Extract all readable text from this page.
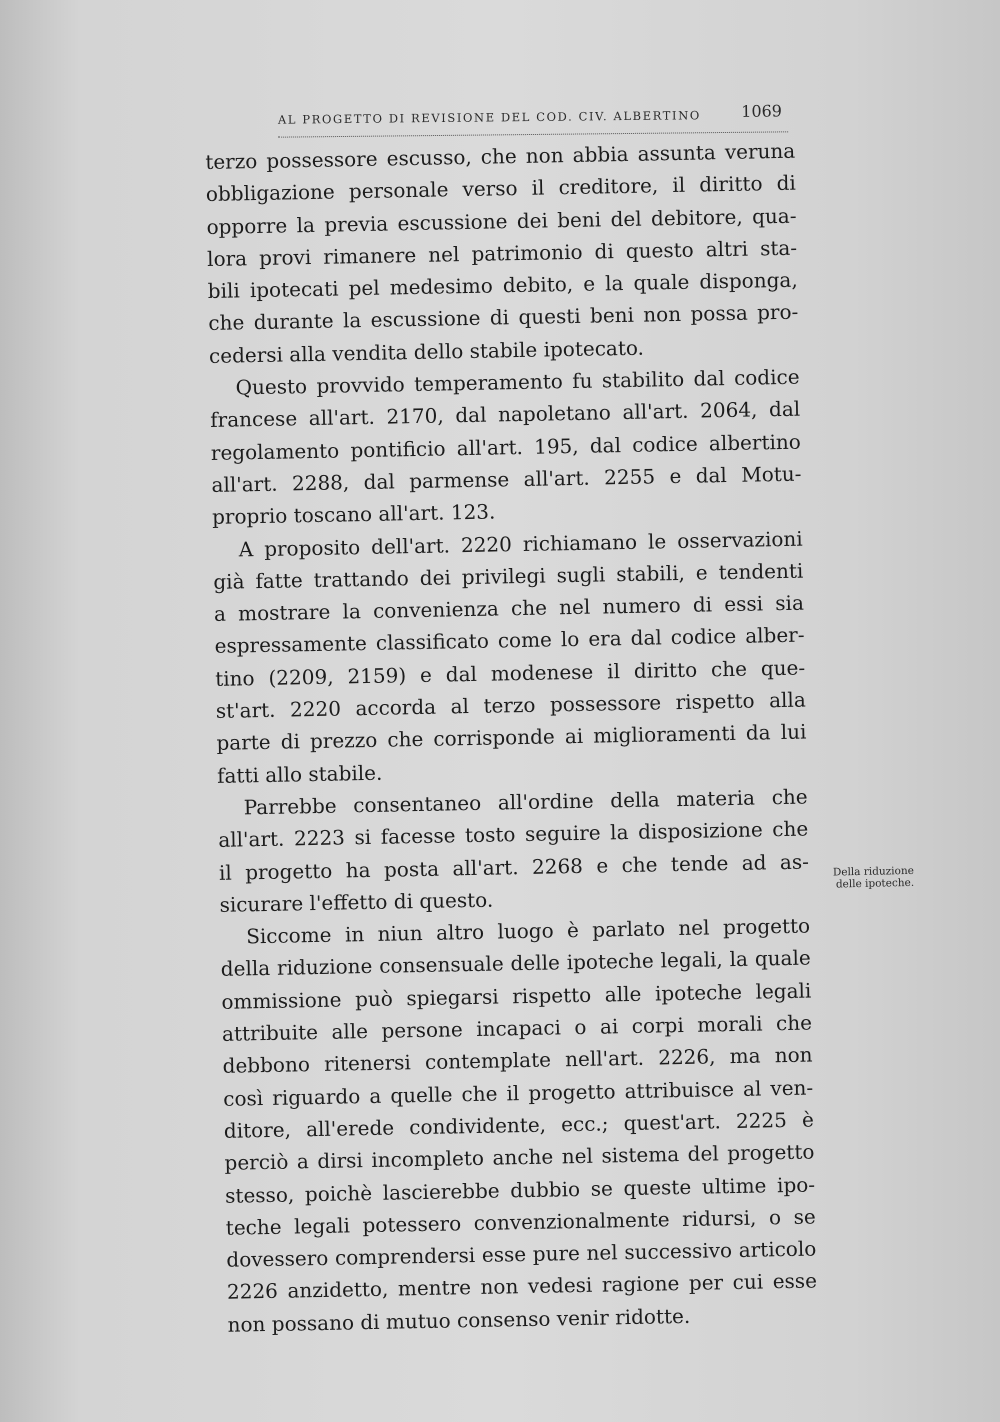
AL PROGETTO DI REVISIONE DEL COD. CIV. ALBERTINO	1069
terzo possessore escusso, che non abbia assunta veruna
obbligazione personale verso il creditore, il diritto di
opporre la previa escussione dei beni del debitore, qua-
lora provi rimanere nel patrimonio di questo altri sta-
bili ipotecati pel medesimo debito, e la quale disponga,
che durante la escussione di questi beni non possa pro-
cedersi alla vendita dello stabile ipotecato.
Questo provvido temperamento fu stabilito dal codice
francese all'art. 2170, dal napoletano all'art. 2064, dal
regolamento pontificio all'art. 195, dal codice albertino
all'art. 2288, dal parmense all'art. 2255 e dal Motu-
proprio toscano all'art. 123.
A proposito dell'art. 2220 richiamano le osservazioni
già fatte trattando dei privilegi sugli stabili, e tendenti
a mostrare la convenienza che nel numero di essi sia
espressamente classificato come lo era dal codice alber-
tino (2209, 2159) e dal modenese il diritto che que-
st'art. 2220 accorda al terzo possessore rispetto alla
parte di prezzo che corrisponde ai miglioramenti da lui
fatti allo stabile.
Parrebbe consentaneo all'ordine della materia che
all'art. 2223 si facesse tosto seguire la disposizione che
il progetto ha posta all'art. 2268 e che tende ad as-
sicurare l'effetto di questo.
Siccome in niun altro luogo è parlato nel progetto
della riduzione consensuale delle ipoteche legali, la quale
ommissione può spiegarsi rispetto alle ipoteche legali
attribuite alle persone incapaci o ai corpi morali che
debbono ritenersi contemplate nell'art. 2226, ma non
così riguardo a quelle che il progetto attribuisce al ven-
ditore, all'erede condividente, ecc.; quest'art. 2225 è
perciò a dirsi incompleto anche nel sistema del progetto
stesso, poichè lascierebbe dubbio se queste ultime ipo-
teche legali potessero convenzionalmente ridursi, o se
dovessero comprendersi esse pure nel successivo articolo
2226 anzidetto, mentre non vedesi ragione per cui esse
non possano di mutuo consenso venir ridotte.
Della riduzione
delle ipoteche.
